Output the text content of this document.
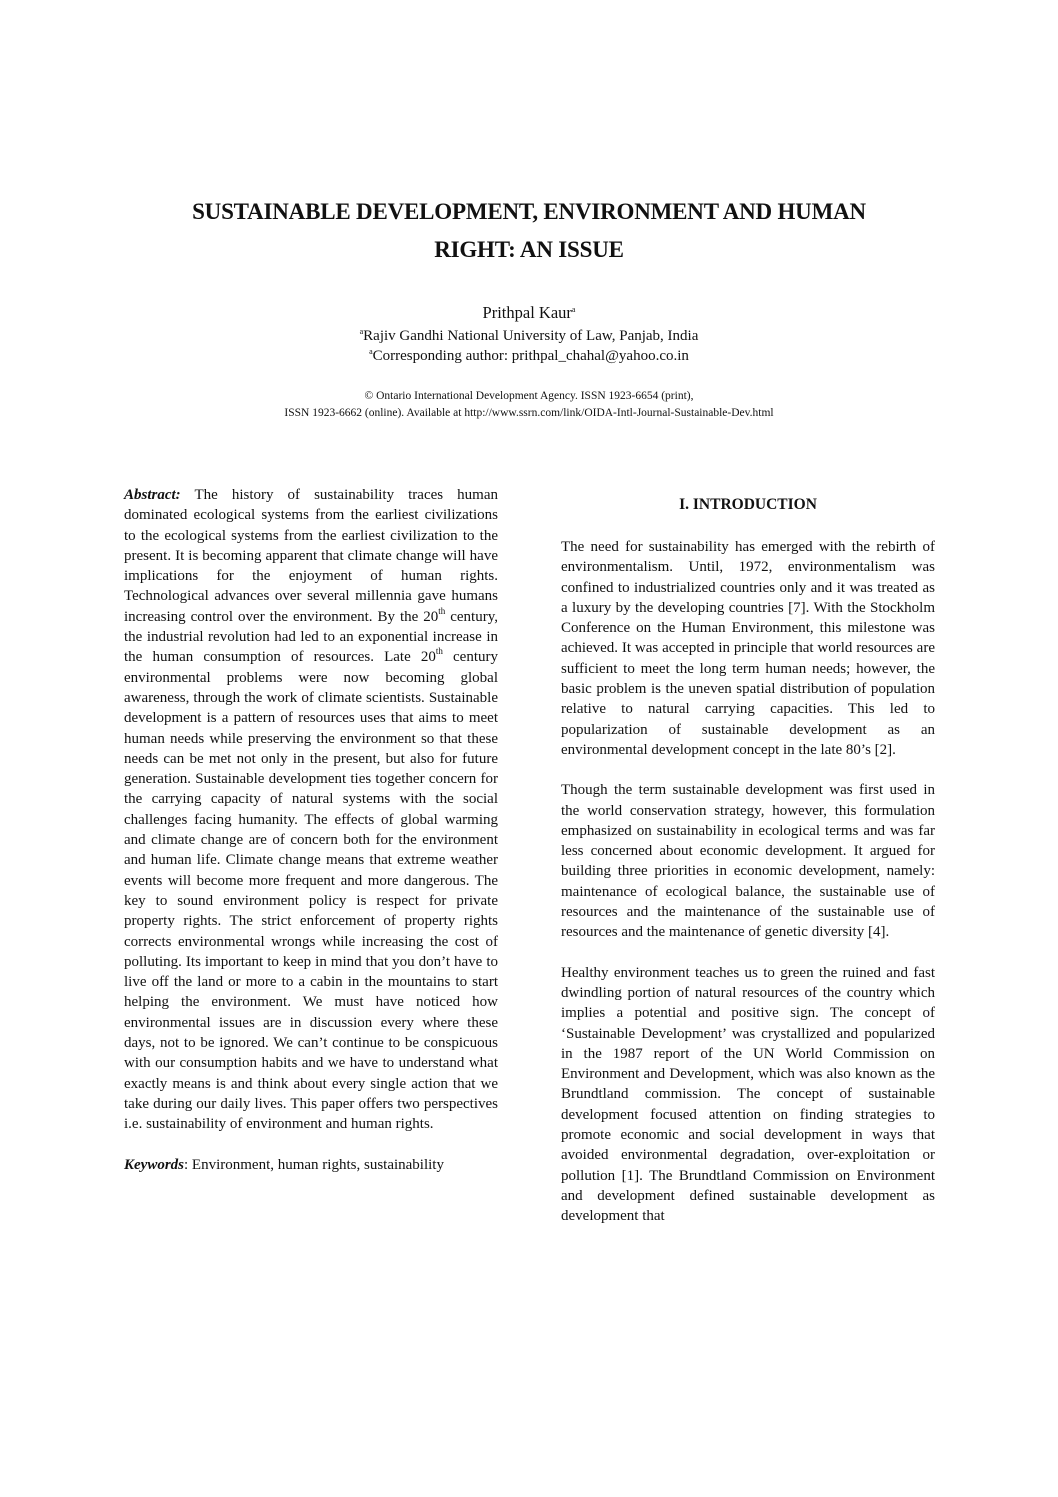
SUSTAINABLE DEVELOPMENT, ENVIRONMENT AND HUMAN
RIGHT: AN ISSUE
Prithpal Kaur$^a$
$^a$Rajiv Gandhi National University of Law, Panjab, India
$^a$Corresponding author: prithpal_chahal@yahoo.co.in
© Ontario International Development Agency. ISSN 1923-6654 (print),
ISSN 1923-6662 (online). Available at http://www.ssrn.com/link/OIDA-Intl-Journal-Sustainable-Dev.html

Abstract: The history of sustainability traces human dominated ecological systems from the earliest civilizations to the ecological systems from the earliest civilization to the present. It is becoming apparent that climate change will have implications for the enjoyment of human rights. Technological advances over several millennia gave humans increasing control over the environment. By the 20th century, the industrial revolution had led to an exponential increase in the human consumption of resources. Late 20th century environmental problems were now becoming global awareness, through the work of climate scientists. Sustainable development is a pattern of resources uses that aims to meet human needs while preserving the environment so that these needs can be met not only in the present, but also for future generation. Sustainable development ties together concern for the carrying capacity of natural systems with the social challenges facing humanity. The effects of global warming and climate change are of concern both for the environment and human life. Climate change means that extreme weather events will become more frequent and more dangerous. The key to sound environment policy is respect for private property rights. The strict enforcement of property rights corrects environmental wrongs while increasing the cost of polluting. Its important to keep in mind that you don’t have to live off the land or more to a cabin in the mountains to start helping the environment. We must have noticed how environmental issues are in discussion every where these days, not to be ignored. We can’t continue to be conspicuous with our consumption habits and we have to understand what exactly means is and think about every single action that we take during our daily lives. This paper offers two perspectives i.e. sustainability of environment and human rights.

Keywords: Environment, human rights, sustainability

I. INTRODUCTION

The need for sustainability has emerged with the rebirth of environmentalism. Until, 1972, environmentalism was confined to industrialized countries only and it was treated as a luxury by the developing countries [7]. With the Stockholm Conference on the Human Environment, this milestone was achieved. It was accepted in principle that world resources are sufficient to meet the long term human needs; however, the basic problem is the uneven spatial distribution of population relative to natural carrying capacities. This led to popularization of sustainable development as an environmental development concept in the late 80’s [2].

Though the term sustainable development was first used in the world conservation strategy, however, this formulation emphasized on sustainability in ecological terms and was far less concerned about economic development. It argued for building three priorities in economic development, namely: maintenance of ecological balance, the sustainable use of resources and the maintenance of the sustainable use of resources and the maintenance of genetic diversity [4].

Healthy environment teaches us to green the ruined and fast dwindling portion of natural resources of the country which implies a potential and positive sign. The concept of ‘Sustainable Development’ was crystallized and popularized in the 1987 report of the UN World Commission on Environment and Development, which was also known as the Brundtland commission. The concept of sustainable development focused attention on finding strategies to promote economic and social development in ways that avoided environmental degradation, over-exploitation or pollution [1]. The Brundtland Commission on Environment and development defined sustainable development as development that
